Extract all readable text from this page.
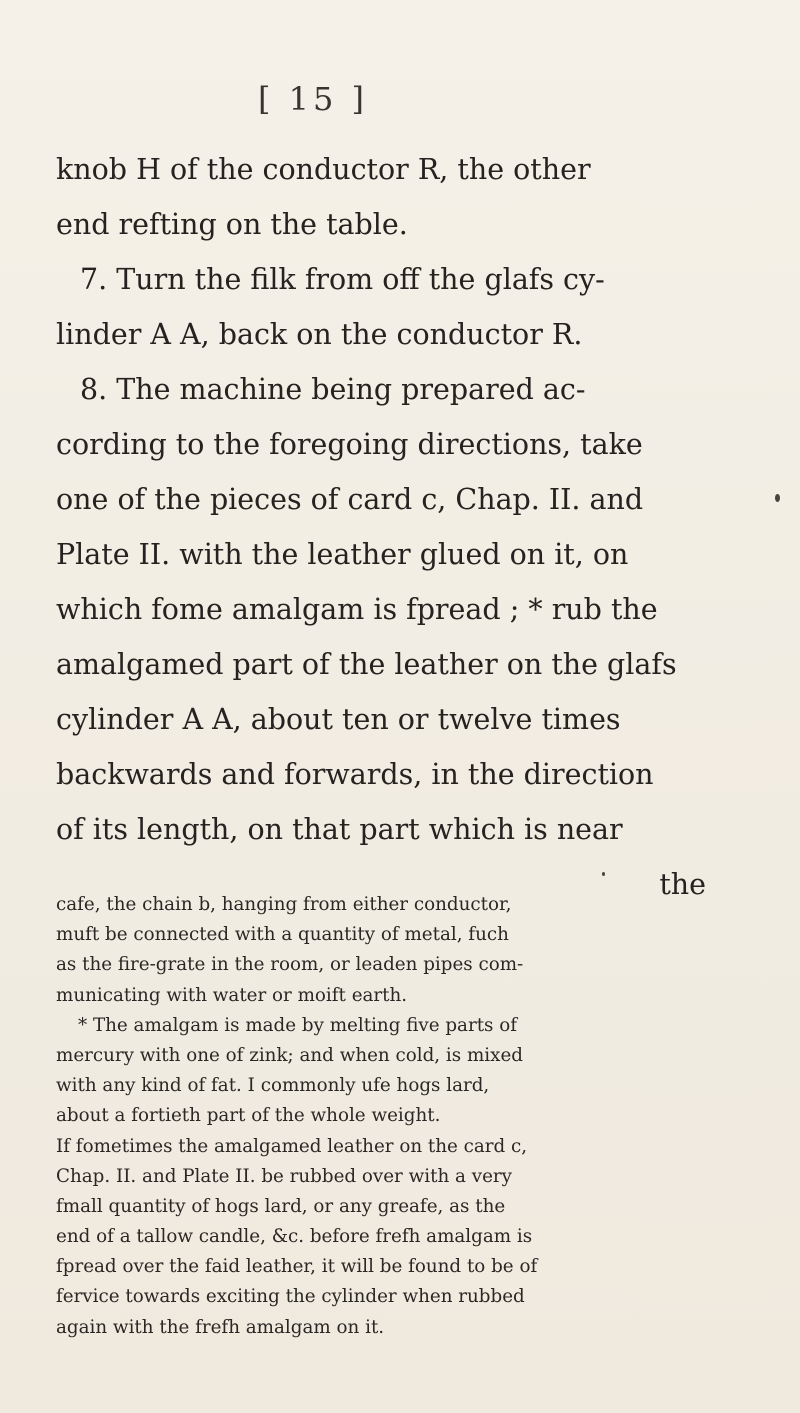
[ 15 ]
knob H of the conductor R, the other
end refting on the table.
7. Turn the filk from off the glafs cy-
linder A A, back on the conductor R.
8. The machine being prepared ac-
cording to the foregoing directions, take
one of the pieces of card c, Chap. II. and
Plate II. with the leather glued on it, on
which fome amalgam is fpread ; * rub the
amalgamed part of the leather on the glafs
cylinder A A, about ten or twelve times
backwards and forwards, in the direction
of its length, on that part which is near
the
cafe, the chain b, hanging from either conductor,
muft be connected with a quantity of metal, fuch
as the fire-grate in the room, or leaden pipes com-
municating with water or moift earth.
* The amalgam is made by melting five parts of
mercury with one of zink; and when cold, is mixed
with any kind of fat. I commonly ufe hogs lard,
about a fortieth part of the whole weight.
If fometimes the amalgamed leather on the card c,
Chap. II. and Plate II. be rubbed over with a very
fmall quantity of hogs lard, or any greafe, as the
end of a tallow candle, &c. before frefh amalgam is
fpread over the faid leather, it will be found to be of
fervice towards exciting the cylinder when rubbed
again with the frefh amalgam on it.
